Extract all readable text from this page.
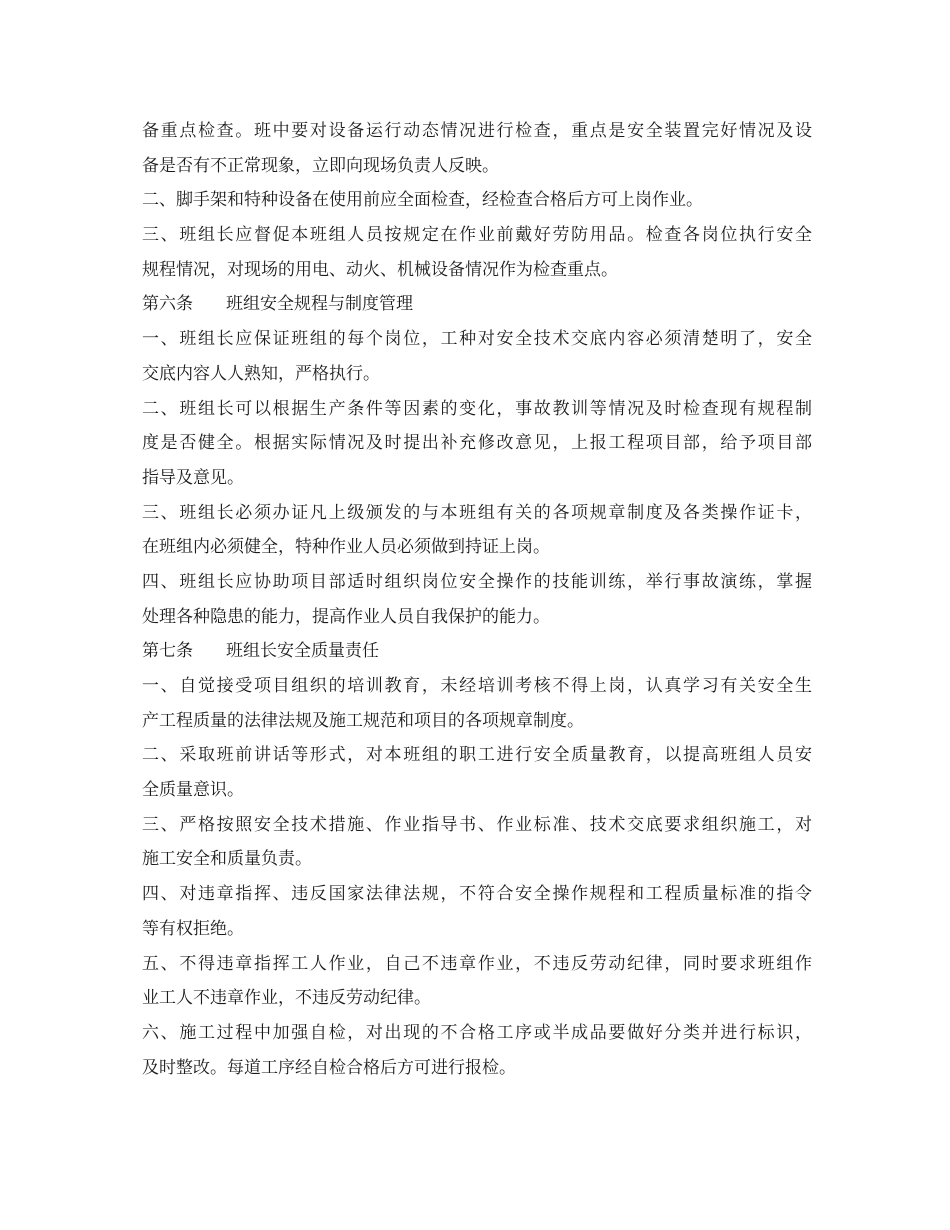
备重点检查。班中要对设备运行动态情况进行检查，重点是安全装置完好情况及设
备是否有不正常现象，立即向现场负责人反映。
二、脚手架和特种设备在使用前应全面检查，经检查合格后方可上岗作业。
三、班组长应督促本班组人员按规定在作业前戴好劳防用品。检查各岗位执行安全
规程情况，对现场的用电、动火、机械设备情况作为检查重点。
第六条 班组安全规程与制度管理
一、班组长应保证班组的每个岗位，工种对安全技术交底内容必须清楚明了，安全
交底内容人人熟知，严格执行。
二、班组长可以根据生产条件等因素的变化，事故教训等情况及时检查现有规程制
度是否健全。根据实际情况及时提出补充修改意见，上报工程项目部，给予项目部
指导及意见。
三、班组长必须办证凡上级颁发的与本班组有关的各项规章制度及各类操作证卡，
在班组内必须健全，特种作业人员必须做到持证上岗。
四、班组长应协助项目部适时组织岗位安全操作的技能训练，举行事故演练，掌握
处理各种隐患的能力，提高作业人员自我保护的能力。
第七条 班组长安全质量责任
一、自觉接受项目组织的培训教育，未经培训考核不得上岗，认真学习有关安全生
产工程质量的法律法规及施工规范和项目的各项规章制度。
二、采取班前讲话等形式，对本班组的职工进行安全质量教育，以提高班组人员安
全质量意识。
三、严格按照安全技术措施、作业指导书、作业标准、技术交底要求组织施工，对
施工安全和质量负责。
四、对违章指挥、违反国家法律法规，不符合安全操作规程和工程质量标准的指令
等有权拒绝。
五、不得违章指挥工人作业，自己不违章作业，不违反劳动纪律，同时要求班组作
业工人不违章作业，不违反劳动纪律。
六、施工过程中加强自检，对出现的不合格工序或半成品要做好分类并进行标识，
及时整改。每道工序经自检合格后方可进行报检。
